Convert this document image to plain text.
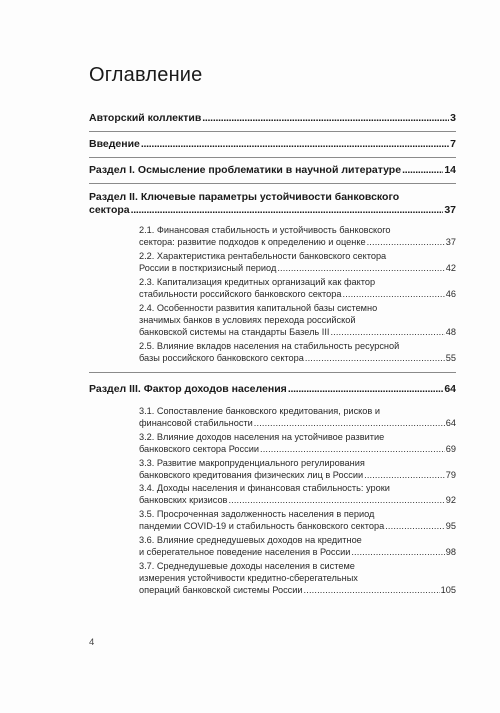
Оглавление
Авторский коллектив . . .	3
Введение . . .	7
Раздел I. Осмысление проблематики в научной литературе . . .	14
Раздел II. Ключевые параметры устойчивости банковского
сектора . . .	37
2.1. Финансовая стабильность и устойчивость банковского
сектора: развитие подходов к определению и оценке . . .	37
2.2. Характеристика рентабельности банковского сектора
России в посткризисный период . . .	42
2.3. Капитализация кредитных организаций как фактор
стабильности российского банковского сектора . . .	46
2.4. Особенности развития капитальной базы системно
значимых банков в условиях перехода российской
банковской системы на стандарты Базель III . . .	48
2.5. Влияние вкладов населения на стабильность ресурсной
базы российского банковского сектора . . .	55
Раздел III. Фактор доходов населения . . .	64
3.1. Сопоставление банковского кредитования, рисков и
финансовой стабильности . . .	64
3.2. Влияние доходов населения на устойчивое развитие
банковского сектора России . . .	69
3.3. Развитие макропруденциального регулирования
банковского кредитования физических лиц в России . . .	79
3.4. Доходы населения и финансовая стабильность: уроки
банковских кризисов . . .	92
3.5. Просроченная задолженность населения в период
пандемии COVID-19 и стабильность банковского сектора . . .	95
3.6. Влияние среднедушевых доходов на кредитное
и сберегательное поведение населения в России . . .	98
3.7. Среднедушевые доходы населения в системе
измерения устойчивости кредитно-сберегательных
операций банковской системы России . . .	105
4
